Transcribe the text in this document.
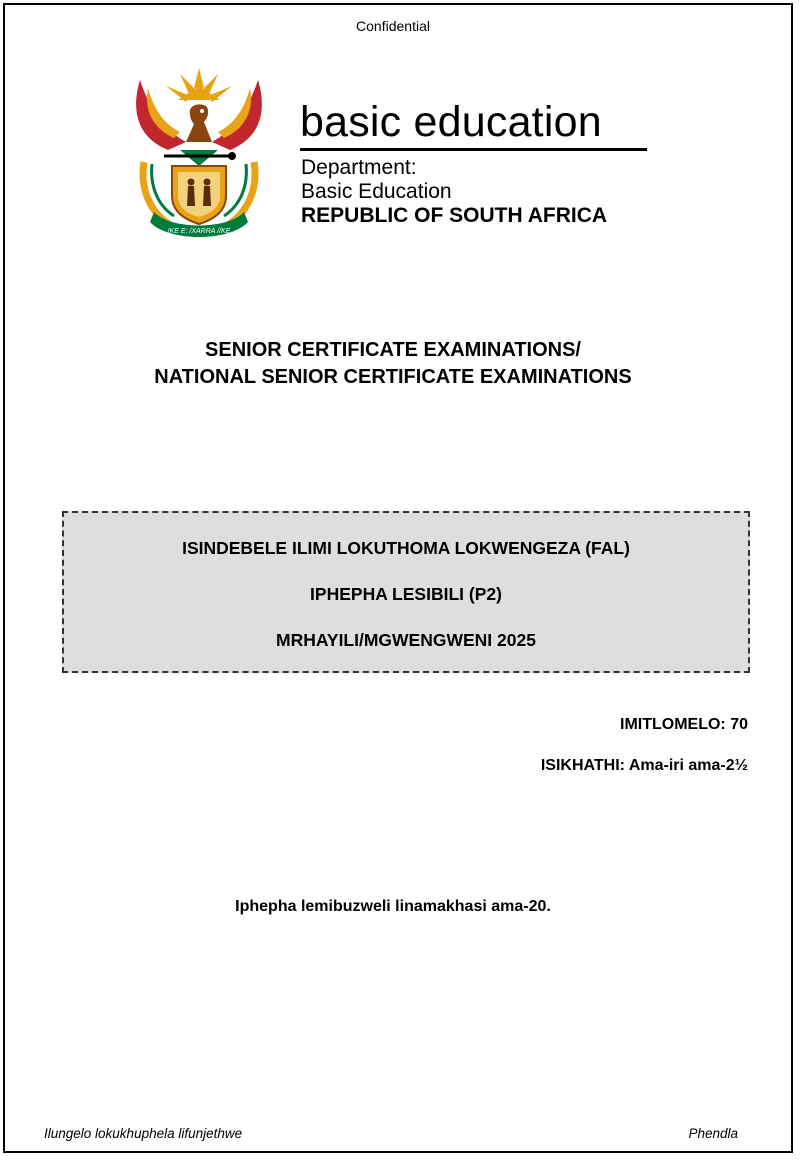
Confidential
!KE E: /XARRA //KE
basic education
Department:
Basic Education
REPUBLIC OF SOUTH AFRICA
SENIOR CERTIFICATE EXAMINATIONS/
NATIONAL SENIOR CERTIFICATE EXAMINATIONS
ISINDEBELE ILIMI LOKUTHOMA LOKWENGEZA (FAL)
IPHEPHA LESIBILI (P2)
MRHAYILI/MGWENGWENI 2025
IMITLOMELO: 70
ISIKHATHI: Ama-iri ama-2½
Iphepha lemibuzweli linamakhasi ama-20.
Ilungelo lokukhuphela lifunjethwe	Phendla
